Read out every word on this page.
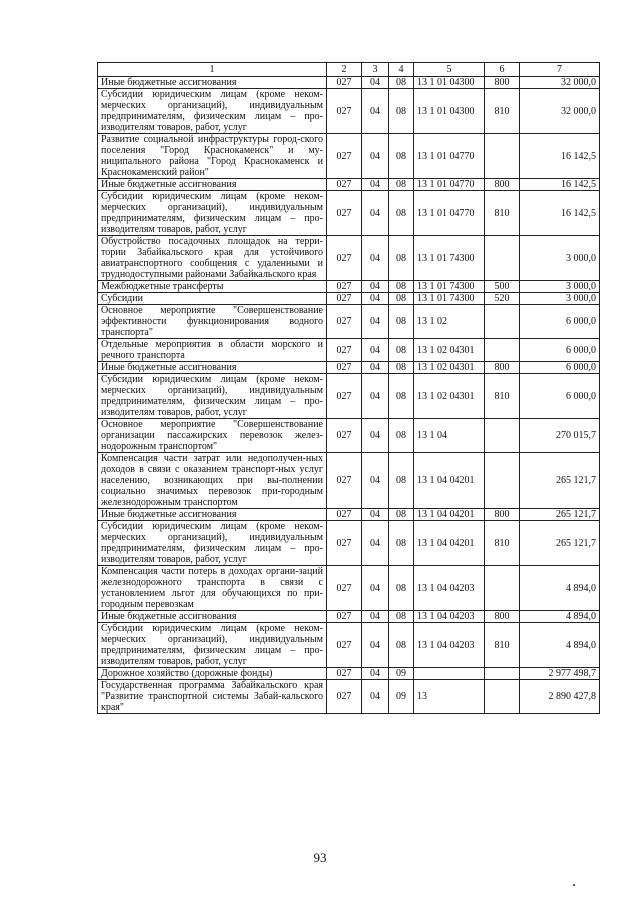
1	2	3	4	5	6	7
Иные бюджетные ассигнования	027	04	08	13 1 01 04300	800	32 000,0
Субсидии юридическим лицам (кроме неком-мерческих организаций), индивидуальным предпринимателям, физическим лицам – про-изводителям товаров, работ, услуг	027	04	08	13 1 01 04300	810	32 000,0
Развитие социальной инфраструктуры город-ского поселения "Город Краснокаменск" и му-ниципального района "Город Краснокаменск и Краснокаменский район"	027	04	08	13 1 01 04770		16 142,5
Иные бюджетные ассигнования	027	04	08	13 1 01 04770	800	16 142,5
Субсидии юридическим лицам (кроме неком-мерческих организаций), индивидуальным предпринимателям, физическим лицам – про-изводителям товаров, работ, услуг	027	04	08	13 1 01 04770	810	16 142,5
Обустройство посадочных площадок на терри-тории Забайкальского края для устойчивого авиатранспортного сообщения с удаленными и труднодоступными районами Забайкальского края	027	04	08	13 1 01 74300		3 000,0
Межбюджетные трансферты	027	04	08	13 1 01 74300	500	3 000,0
Субсидии	027	04	08	13 1 01 74300	520	3 000,0
Основное мероприятие "Совершенствование эффективности функционирования водного транспорта"	027	04	08	13 1 02		6 000,0
Отдельные мероприятия в области морского и речного транспорта	027	04	08	13 1 02 04301		6 000,0
Иные бюджетные ассигнования	027	04	08	13 1 02 04301	800	6 000,0
Субсидии юридическим лицам (кроме неком-мерческих организаций), индивидуальным предпринимателям, физическим лицам – про-изводителям товаров, работ, услуг	027	04	08	13 1 02 04301	810	6 000,0
Основное мероприятие "Совершенствование организации пассажирских перевозок желез-нодорожным транспортом"	027	04	08	13 1 04		270 015,7
Компенсация части затрат или недополучен-ных доходов в связи с оказанием транспорт-ных услуг населению, возникающих при вы-полнении социально значимых перевозок при-городным железнодорожным транспортом	027	04	08	13 1 04 04201		265 121,7
Иные бюджетные ассигнования	027	04	08	13 1 04 04201	800	265 121,7
Субсидии юридическим лицам (кроме неком-мерческих организаций), индивидуальным предпринимателям, физическим лицам – про-изводителям товаров, работ, услуг	027	04	08	13 1 04 04201	810	265 121,7
Компенсация части потерь в доходах органи-заций железнодорожного транспорта в связи с установлением льгот для обучающихся по при-городным перевозкам	027	04	08	13 1 04 04203		4 894,0
Иные бюджетные ассигнования	027	04	08	13 1 04 04203	800	4 894,0
Субсидии юридическим лицам (кроме неком-мерческих организаций), индивидуальным предпринимателям, физическим лицам – про-изводителям товаров, работ, услуг	027	04	08	13 1 04 04203	810	4 894,0
Дорожное хозяйство (дорожные фонды)	027	04	09			2 977 498,7
Государственная программа Забайкальского края "Развитие транспортной системы Забай-кальского края"	027	04	09	13		2 890 427,8
93
